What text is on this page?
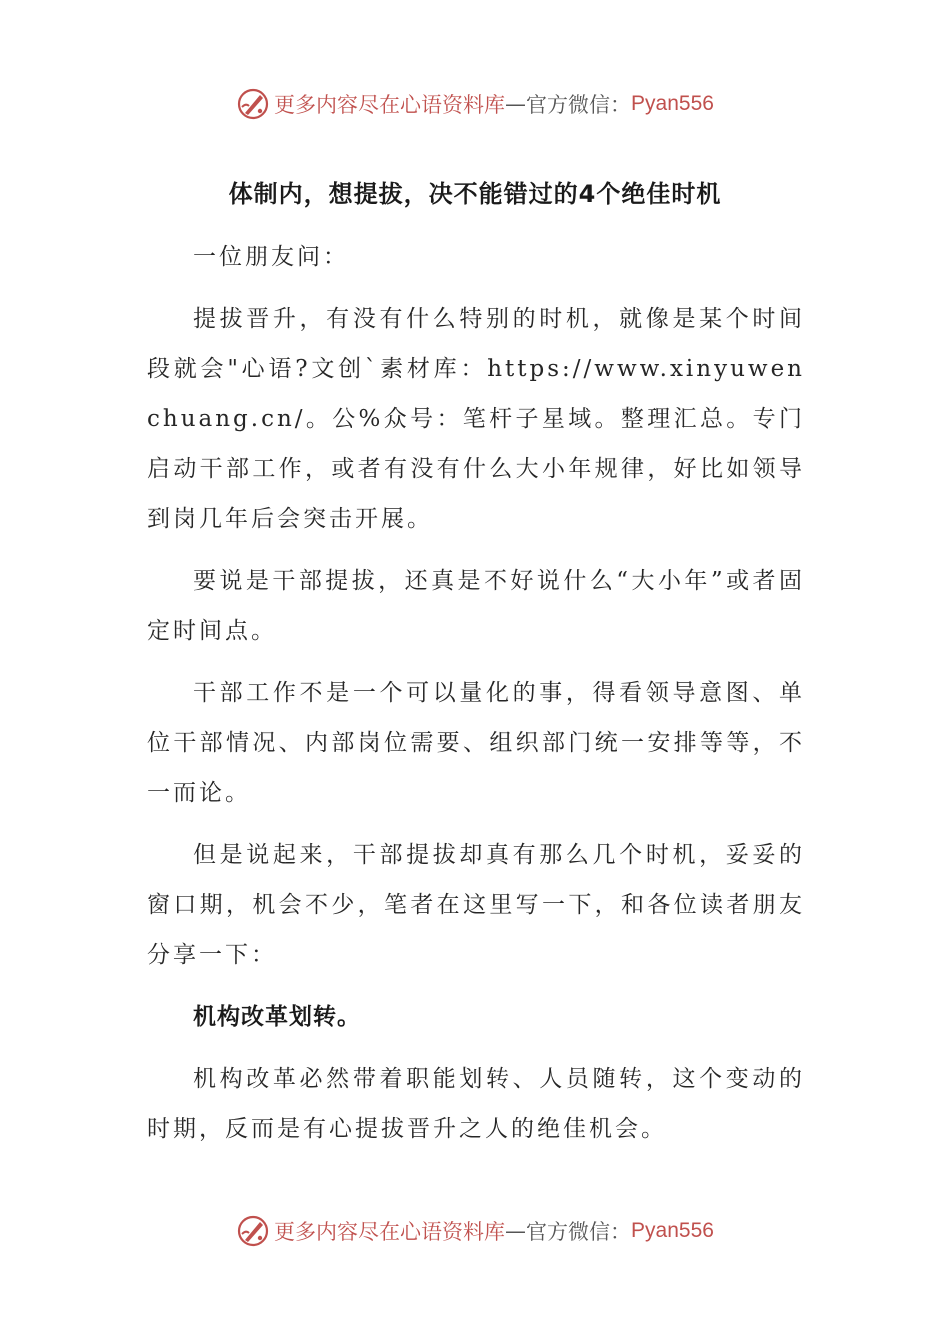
更多内容尽在心语资料库 — 官方微信： Pyan556
体制内，想提拔，决不能错过的4个绝佳时机

一位朋友问：

提拔晋升，有没有什么特别的时机，就像是某个时间段就会"心语?文创`素材库：https://www.xinyuwenchuang.cn/。公%众号：笔杆子星域。整理汇总。专门启动干部工作，或者有没有什么大小年规律，好比如领导到岗几年后会突击开展。

要说是干部提拔，还真是不好说什么“大小年”或者固定时间点。

干部工作不是一个可以量化的事，得看领导意图、单位干部情况、内部岗位需要、组织部门统一安排等等，不一而论。

但是说起来，干部提拔却真有那么几个时机，妥妥的窗口期，机会不少，笔者在这里写一下，和各位读者朋友分享一下：

机构改革划转。

机构改革必然带着职能划转、人员随转，这个变动的时期，反而是有心提拔晋升之人的绝佳机会。

更多内容尽在心语资料库 — 官方微信： Pyan556
